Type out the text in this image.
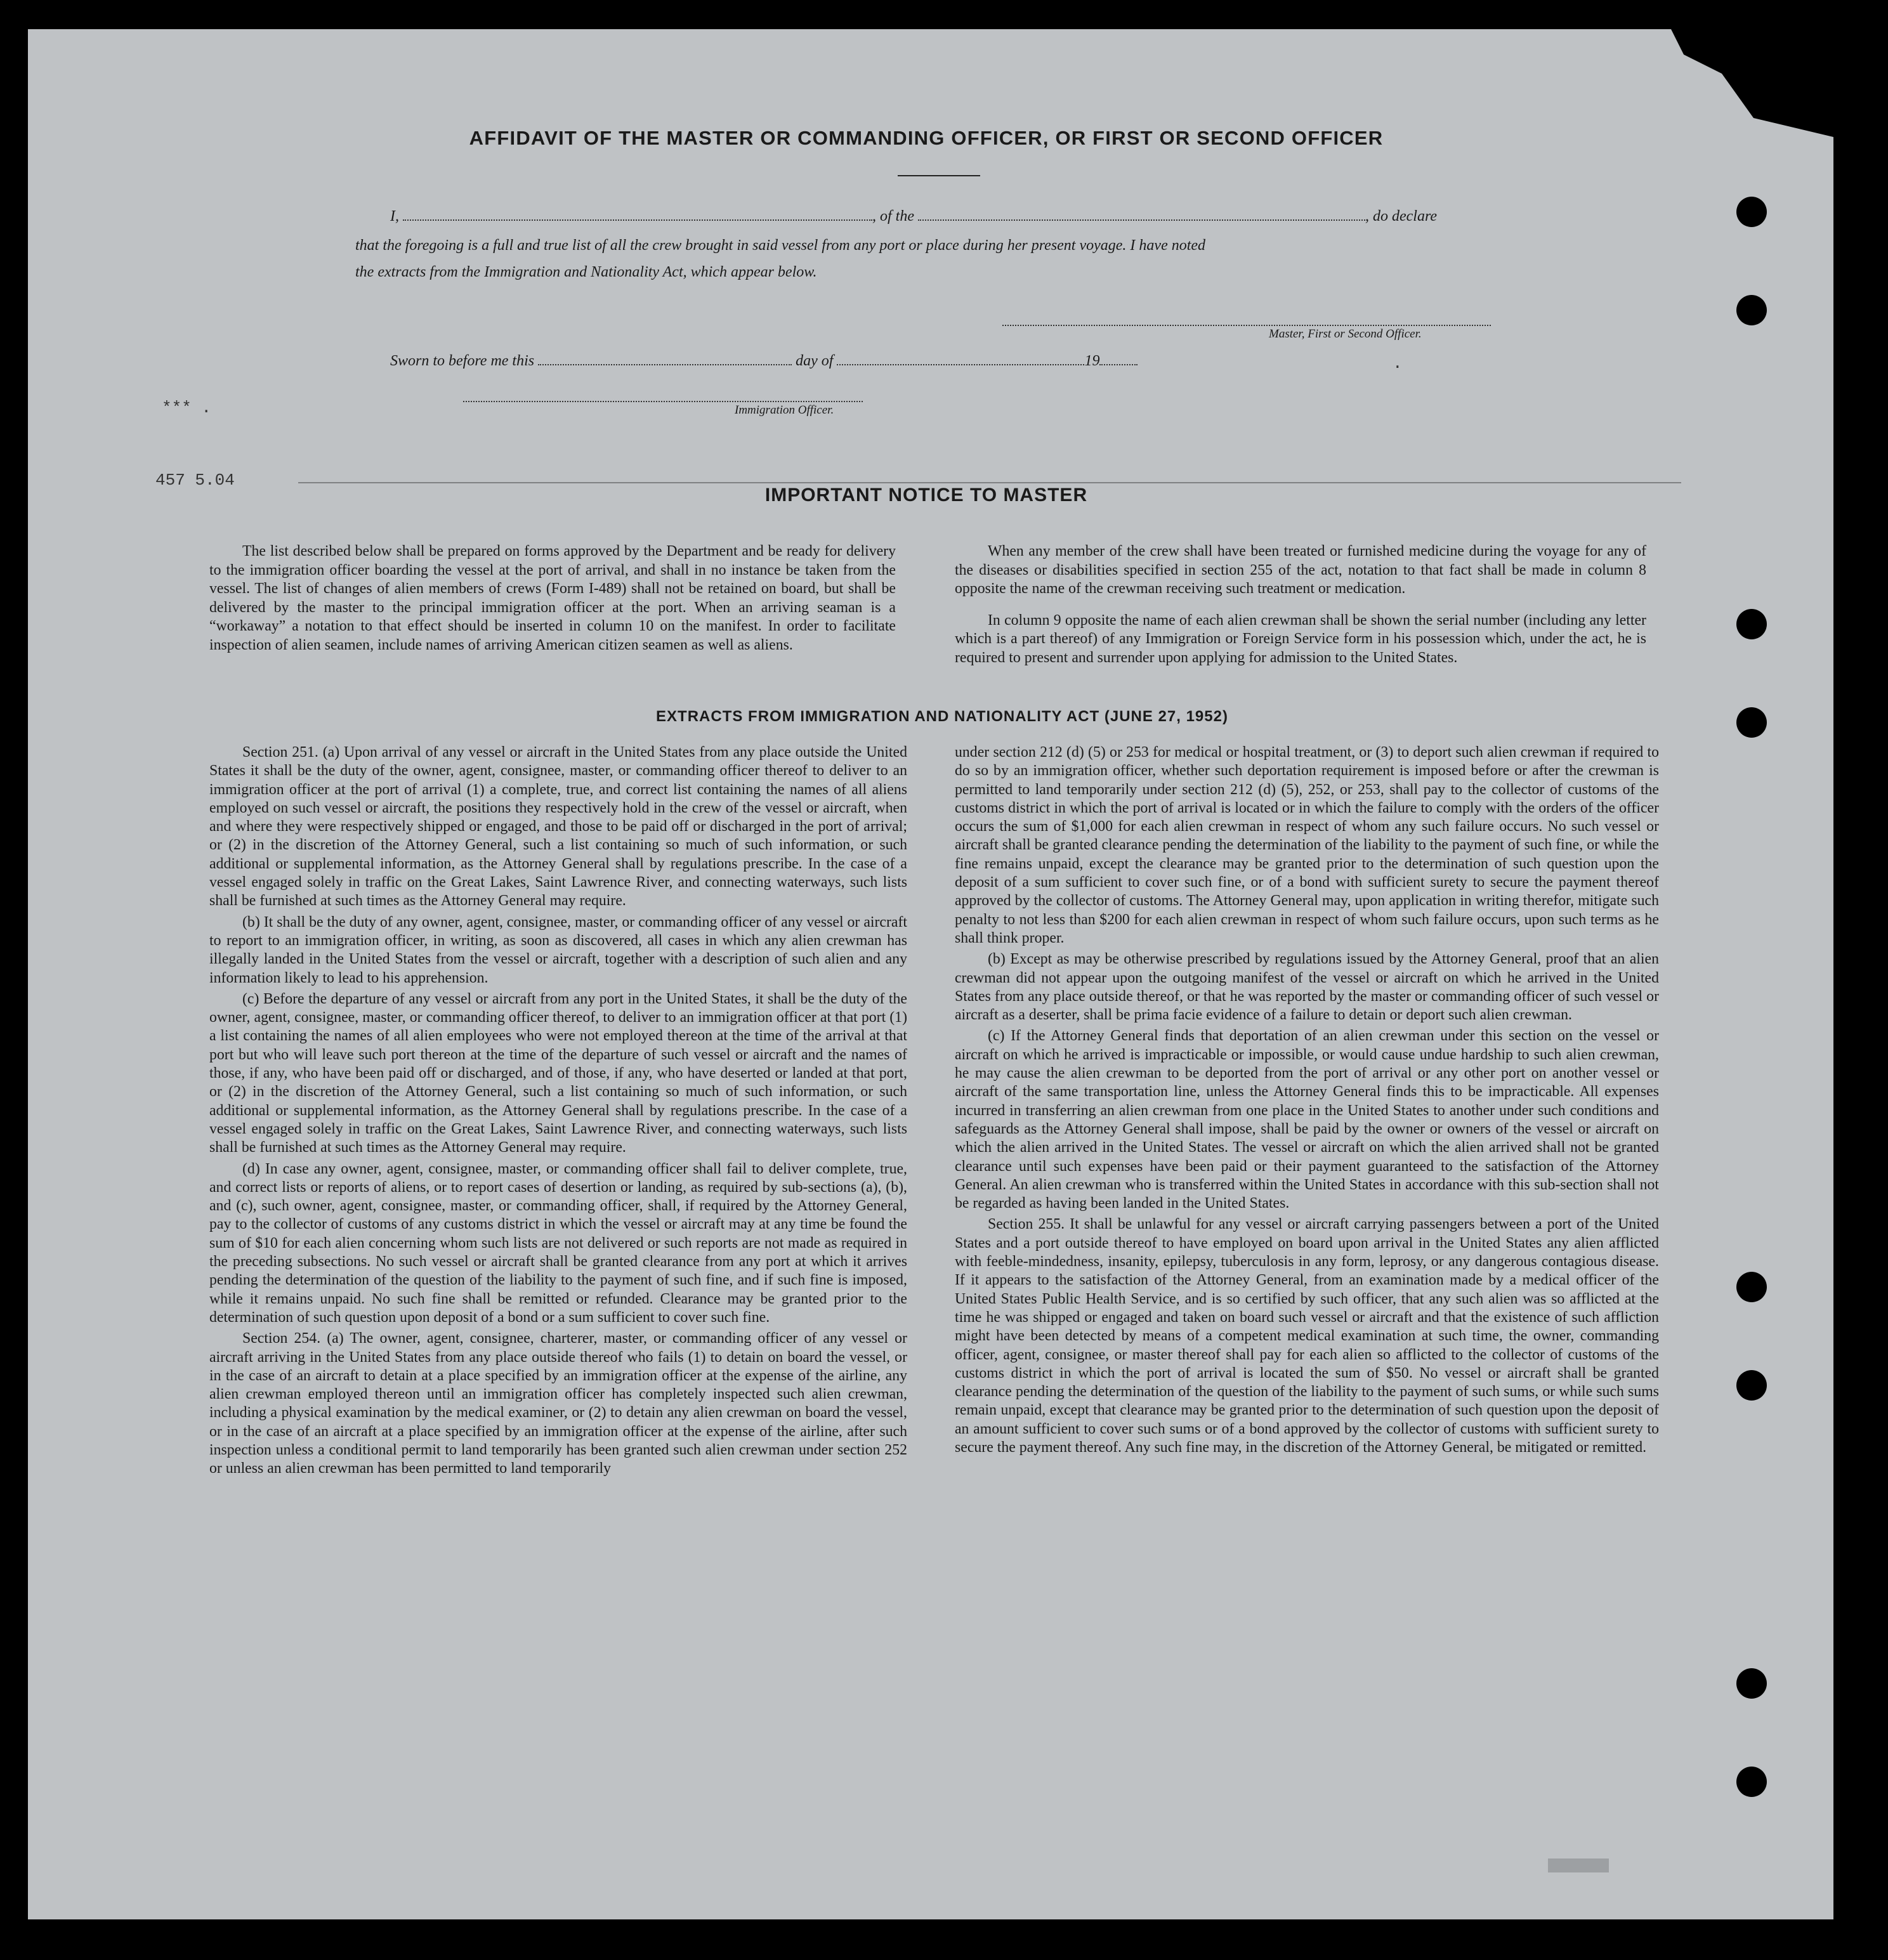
*** .
457 5.04
.
AFFIDAVIT OF THE MASTER OR COMMANDING OFFICER, OR FIRST OR SECOND OFFICER
I,	, of the	, do declare
that the foregoing is a full and true list of all the crew brought in said vessel from any port or place during her present voyage. I have noted
the extracts from the Immigration and Nationality Act, which appear below.
Master, First or Second Officer.
Sworn to before me this	day of	19
Immigration Officer.
IMPORTANT NOTICE TO MASTER

The list described below shall be prepared on forms approved by the Department and be ready for delivery to the immigration officer boarding the vessel at the port of arrival, and shall in no instance be taken from the vessel. The list of changes of alien members of crews (Form I-489) shall not be retained on board, but shall be delivered by the master to the principal immigration officer at the port. When an arriving seaman is a “workaway” a notation to that effect should be inserted in column 10 on the manifest. In order to facilitate inspection of alien seamen, include names of arriving American citizen seamen as well as aliens.

When any member of the crew shall have been treated or furnished medicine during the voyage for any of the diseases or disabilities specified in section 255 of the act, notation to that fact shall be made in column 8 opposite the name of the crewman receiving such treatment or medication.

In column 9 opposite the name of each alien crewman shall be shown the serial number (including any letter which is a part thereof) of any Immigration or Foreign Service form in his possession which, under the act, he is required to present and surrender upon applying for admission to the United States.

EXTRACTS FROM IMMIGRATION AND NATIONALITY ACT (JUNE 27, 1952)

Section 251. (a) Upon arrival of any vessel or aircraft in the United States from any place outside the United States it shall be the duty of the owner, agent, consignee, master, or commanding officer thereof to deliver to an immigration officer at the port of arrival (1) a complete, true, and correct list containing the names of all aliens employed on such vessel or aircraft, the positions they respectively hold in the crew of the vessel or aircraft, when and where they were respectively shipped or engaged, and those to be paid off or discharged in the port of arrival; or (2) in the discretion of the Attorney General, such a list containing so much of such information, or such additional or supplemental information, as the Attorney General shall by regulations prescribe. In the case of a vessel engaged solely in traffic on the Great Lakes, Saint Lawrence River, and connecting waterways, such lists shall be furnished at such times as the Attorney General may require.

(b) It shall be the duty of any owner, agent, consignee, master, or commanding officer of any vessel or aircraft to report to an immigration officer, in writing, as soon as discovered, all cases in which any alien crewman has illegally landed in the United States from the vessel or aircraft, together with a description of such alien and any information likely to lead to his apprehension.

(c) Before the departure of any vessel or aircraft from any port in the United States, it shall be the duty of the owner, agent, consignee, master, or commanding officer thereof, to deliver to an immigration officer at that port (1) a list containing the names of all alien employees who were not employed thereon at the time of the arrival at that port but who will leave such port thereon at the time of the departure of such vessel or aircraft and the names of those, if any, who have been paid off or discharged, and of those, if any, who have deserted or landed at that port, or (2) in the discretion of the Attorney General, such a list containing so much of such information, or such additional or supplemental information, as the Attorney General shall by regulations prescribe. In the case of a vessel engaged solely in traffic on the Great Lakes, Saint Lawrence River, and connecting waterways, such lists shall be furnished at such times as the Attorney General may require.

(d) In case any owner, agent, consignee, master, or commanding officer shall fail to deliver complete, true, and correct lists or reports of aliens, or to report cases of desertion or landing, as required by sub-sections (a), (b), and (c), such owner, agent, consignee, master, or commanding officer, shall, if required by the Attorney General, pay to the collector of customs of any customs district in which the vessel or aircraft may at any time be found the sum of $10 for each alien concerning whom such lists are not delivered or such reports are not made as required in the preceding subsections. No such vessel or aircraft shall be granted clearance from any port at which it arrives pending the determination of the question of the liability to the payment of such fine, and if such fine is imposed, while it remains unpaid. No such fine shall be remitted or refunded. Clearance may be granted prior to the determination of such question upon deposit of a bond or a sum sufficient to cover such fine.

Section 254. (a) The owner, agent, consignee, charterer, master, or commanding officer of any vessel or aircraft arriving in the United States from any place outside thereof who fails (1) to detain on board the vessel, or in the case of an aircraft to detain at a place specified by an immigration officer at the expense of the airline, any alien crewman employed thereon until an immigration officer has completely inspected such alien crewman, including a physical examination by the medical examiner, or (2) to detain any alien crewman on board the vessel, or in the case of an aircraft at a place specified by an immigration officer at the expense of the airline, after such inspection unless a conditional permit to land temporarily has been granted such alien crewman under section 252 or unless an alien crewman has been permitted to land temporarily

under section 212 (d) (5) or 253 for medical or hospital treatment, or (3) to deport such alien crewman if required to do so by an immigration officer, whether such deportation requirement is imposed before or after the crewman is permitted to land temporarily under section 212 (d) (5), 252, or 253, shall pay to the collector of customs of the customs district in which the port of arrival is located or in which the failure to comply with the orders of the officer occurs the sum of $1,000 for each alien crewman in respect of whom any such failure occurs. No such vessel or aircraft shall be granted clearance pending the determination of the liability to the payment of such fine, or while the fine remains unpaid, except the clearance may be granted prior to the determination of such question upon the deposit of a sum sufficient to cover such fine, or of a bond with sufficient surety to secure the payment thereof approved by the collector of customs. The Attorney General may, upon application in writing therefor, mitigate such penalty to not less than $200 for each alien crewman in respect of whom such failure occurs, upon such terms as he shall think proper.

(b) Except as may be otherwise prescribed by regulations issued by the Attorney General, proof that an alien crewman did not appear upon the outgoing manifest of the vessel or aircraft on which he arrived in the United States from any place outside thereof, or that he was reported by the master or commanding officer of such vessel or aircraft as a deserter, shall be prima facie evidence of a failure to detain or deport such alien crewman.

(c) If the Attorney General finds that deportation of an alien crewman under this section on the vessel or aircraft on which he arrived is impracticable or impossible, or would cause undue hardship to such alien crewman, he may cause the alien crewman to be deported from the port of arrival or any other port on another vessel or aircraft of the same transportation line, unless the Attorney General finds this to be impracticable. All expenses incurred in transferring an alien crewman from one place in the United States to another under such conditions and safeguards as the Attorney General shall impose, shall be paid by the owner or owners of the vessel or aircraft on which the alien arrived in the United States. The vessel or aircraft on which the alien arrived shall not be granted clearance until such expenses have been paid or their payment guaranteed to the satisfaction of the Attorney General. An alien crewman who is transferred within the United States in accordance with this sub-section shall not be regarded as having been landed in the United States.

Section 255. It shall be unlawful for any vessel or aircraft carrying passengers between a port of the United States and a port outside thereof to have employed on board upon arrival in the United States any alien afflicted with feeble-mindedness, insanity, epilepsy, tuberculosis in any form, leprosy, or any dangerous contagious disease. If it appears to the satisfaction of the Attorney General, from an examination made by a medical officer of the United States Public Health Service, and is so certified by such officer, that any such alien was so afflicted at the time he was shipped or engaged and taken on board such vessel or aircraft and that the existence of such affliction might have been detected by means of a competent medical examination at such time, the owner, commanding officer, agent, consignee, or master thereof shall pay for each alien so afflicted to the collector of customs of the customs district in which the port of arrival is located the sum of $50. No vessel or aircraft shall be granted clearance pending the determination of the question of the liability to the payment of such sums, or while such sums remain unpaid, except that clearance may be granted prior to the determination of such question upon the deposit of an amount sufficient to cover such sums or of a bond approved by the collector of customs with sufficient surety to secure the payment thereof. Any such fine may, in the discretion of the Attorney General, be mitigated or remitted.
